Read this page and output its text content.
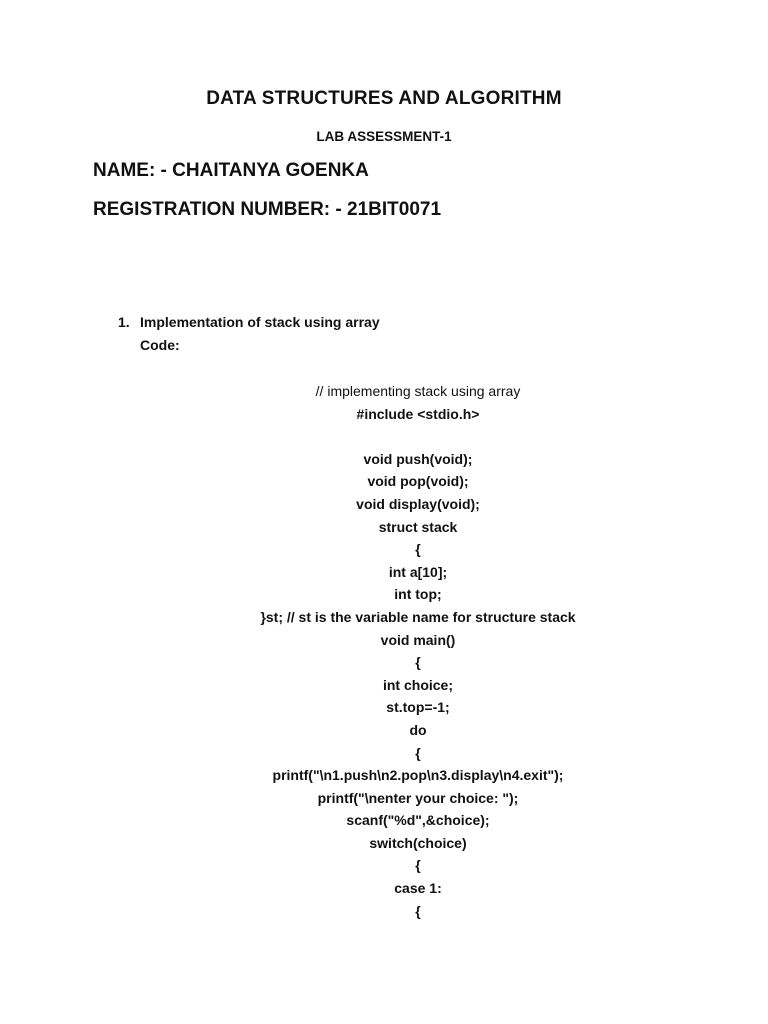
DATA STRUCTURES AND ALGORITHM
LAB ASSESSMENT-1
NAME: - CHAITANYA GOENKA
REGISTRATION NUMBER: - 21BIT0071
1. Implementation of stack using array
Code:
// implementing stack using array
#include <stdio.h>
void push(void);
void pop(void);
void display(void);
struct stack
{
int a[10];
int top;
}st; // st is the variable name for structure stack
void main()
{
int choice;
st.top=-1;
do
{
printf("\n1.push\n2.pop\n3.display\n4.exit");
printf("\nenter your choice: ");
scanf("%d",&choice);
switch(choice)
{
case 1:
{
